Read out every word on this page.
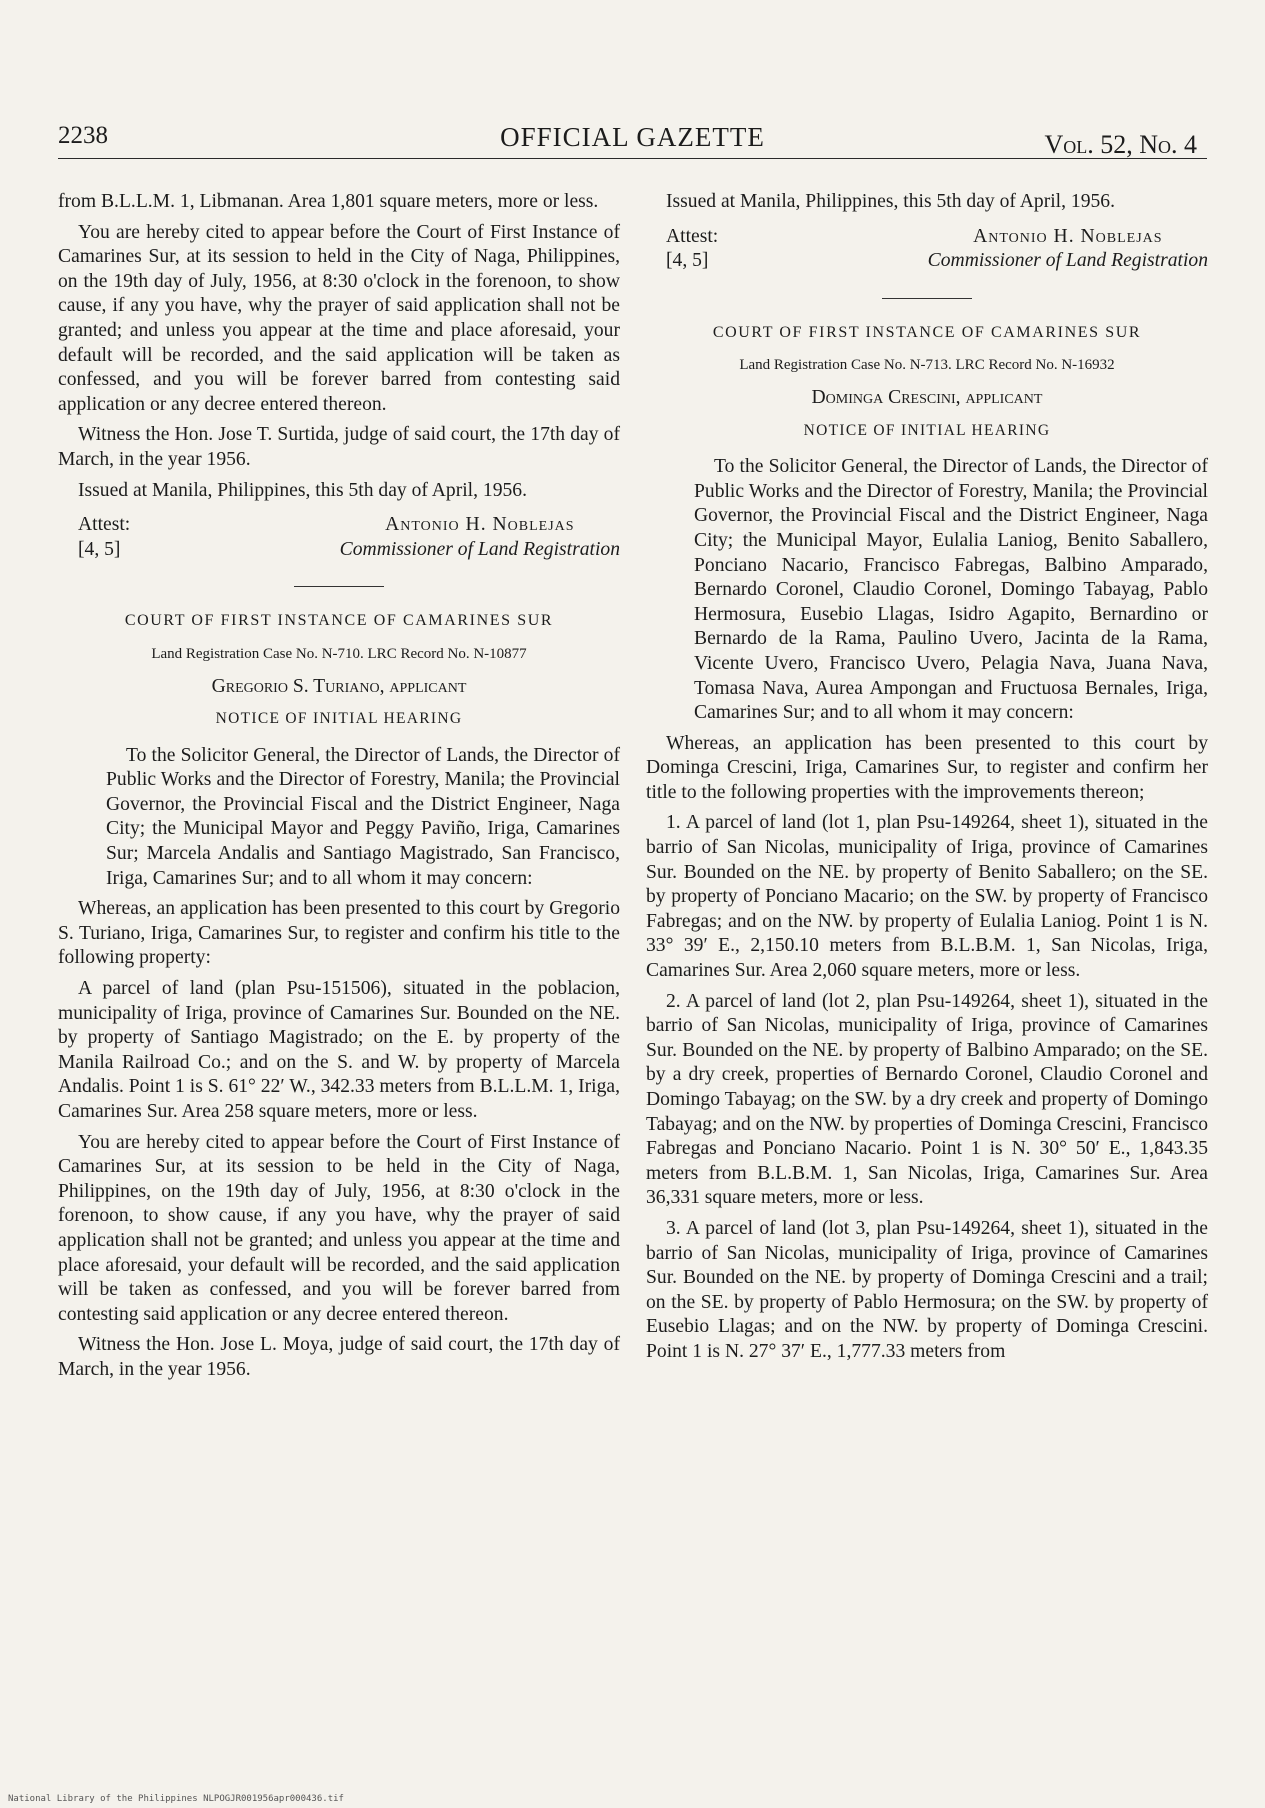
2238	OFFICIAL GAZETTE	Vol. 52, No. 4

from B.L.L.M. 1, Libmanan. Area 1,801 square meters, more or less.

You are hereby cited to appear before the Court of First Instance of Camarines Sur, at its session to held in the City of Naga, Philippines, on the 19th day of July, 1956, at 8:30 o'clock in the forenoon, to show cause, if any you have, why the prayer of said application shall not be granted; and unless you appear at the time and place aforesaid, your default will be recorded, and the said application will be taken as confessed, and you will be forever barred from contesting said application or any decree entered thereon.

Witness the Hon. Jose T. Surtida, judge of said court, the 17th day of March, in the year 1956.

Issued at Manila, Philippines, this 5th day of April, 1956.

Attest:
[4, 5]
Antonio H. Noblejas
Commissioner of Land Registration
COURT OF FIRST INSTANCE OF CAMARINES SUR
Land Registration Case No. N-710. LRC Record No. N-10877
Gregorio S. Turiano, applicant
NOTICE OF INITIAL HEARING

To the Solicitor General, the Director of Lands, the Director of Public Works and the Director of Forestry, Manila; the Provincial Governor, the Provincial Fiscal and the District Engineer, Naga City; the Municipal Mayor and Peggy Paviño, Iriga, Camarines Sur; Marcela Andalis and Santiago Magistrado, San Francisco, Iriga, Camarines Sur; and to all whom it may concern:

Whereas, an application has been presented to this court by Gregorio S. Turiano, Iriga, Camarines Sur, to register and confirm his title to the following property:

A parcel of land (plan Psu-151506), situated in the poblacion, municipality of Iriga, province of Camarines Sur. Bounded on the NE. by property of Santiago Magistrado; on the E. by property of the Manila Railroad Co.; and on the S. and W. by property of Marcela Andalis. Point 1 is S. 61° 22′ W., 342.33 meters from B.L.L.M. 1, Iriga, Camarines Sur. Area 258 square meters, more or less.

You are hereby cited to appear before the Court of First Instance of Camarines Sur, at its session to be held in the City of Naga, Philippines, on the 19th day of July, 1956, at 8:30 o'clock in the forenoon, to show cause, if any you have, why the prayer of said application shall not be granted; and unless you appear at the time and place aforesaid, your default will be recorded, and the said application will be taken as confessed, and you will be forever barred from contesting said application or any decree entered thereon.

Witness the Hon. Jose L. Moya, judge of said court, the 17th day of March, in the year 1956.

Issued at Manila, Philippines, this 5th day of April, 1956.

Attest:
[4, 5]
Antonio H. Noblejas
Commissioner of Land Registration
COURT OF FIRST INSTANCE OF CAMARINES SUR
Land Registration Case No. N-713. LRC Record No. N-16932
Dominga Crescini, applicant
NOTICE OF INITIAL HEARING

To the Solicitor General, the Director of Lands, the Director of Public Works and the Director of Forestry, Manila; the Provincial Governor, the Provincial Fiscal and the District Engineer, Naga City; the Municipal Mayor, Eulalia Laniog, Benito Saballero, Ponciano Nacario, Francisco Fabregas, Balbino Amparado, Bernardo Coronel, Claudio Coronel, Domingo Tabayag, Pablo Hermosura, Eusebio Llagas, Isidro Agapito, Bernardino or Bernardo de la Rama, Paulino Uvero, Jacinta de la Rama, Vicente Uvero, Francisco Uvero, Pelagia Nava, Juana Nava, Tomasa Nava, Aurea Ampongan and Fructuosa Bernales, Iriga, Camarines Sur; and to all whom it may concern:

Whereas, an application has been presented to this court by Dominga Crescini, Iriga, Camarines Sur, to register and confirm her title to the following properties with the improvements thereon;

1. A parcel of land (lot 1, plan Psu-149264, sheet 1), situated in the barrio of San Nicolas, municipality of Iriga, province of Camarines Sur. Bounded on the NE. by property of Benito Saballero; on the SE. by property of Ponciano Macario; on the SW. by property of Francisco Fabregas; and on the NW. by property of Eulalia Laniog. Point 1 is N. 33° 39′ E., 2,150.10 meters from B.L.B.M. 1, San Nicolas, Iriga, Camarines Sur. Area 2,060 square meters, more or less.

2. A parcel of land (lot 2, plan Psu-149264, sheet 1), situated in the barrio of San Nicolas, municipality of Iriga, province of Camarines Sur. Bounded on the NE. by property of Balbino Amparado; on the SE. by a dry creek, properties of Bernardo Coronel, Claudio Coronel and Domingo Tabayag; on the SW. by a dry creek and property of Domingo Tabayag; and on the NW. by properties of Dominga Crescini, Francisco Fabregas and Ponciano Nacario. Point 1 is N. 30° 50′ E., 1,843.35 meters from B.L.B.M. 1, San Nicolas, Iriga, Camarines Sur. Area 36,331 square meters, more or less.

3. A parcel of land (lot 3, plan Psu-149264, sheet 1), situated in the barrio of San Nicolas, municipality of Iriga, province of Camarines Sur. Bounded on the NE. by property of Dominga Crescini and a trail; on the SE. by property of Pablo Hermosura; on the SW. by property of Eusebio Llagas; and on the NW. by property of Dominga Crescini. Point 1 is N. 27° 37′ E., 1,777.33 meters from

National Library of the Philippines NLPOGJR001956apr000436.tif
